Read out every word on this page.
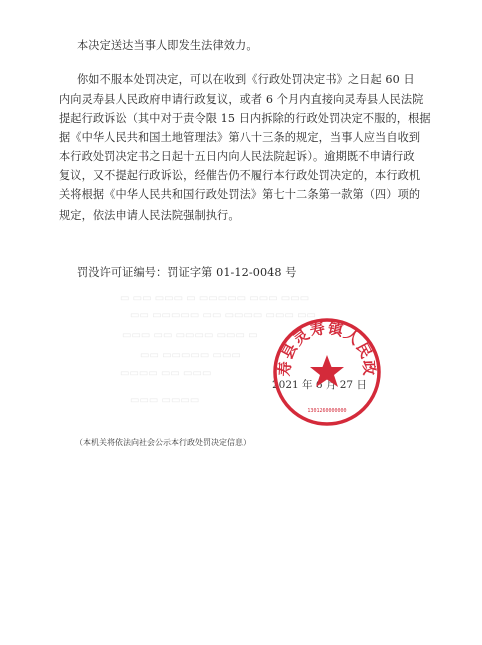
本决定送达当事人即发生法律效力。
你如不服本处罚决定，可以在收到《行政处罚决定书》之日起 60 日
内向灵寿县人民政府申请行政复议，或者 6 个月内直接向灵寿县人民法院
提起行政诉讼（其中对于责令限 15 日内拆除的行政处罚决定不服的，根据
据《中华人民共和国土地管理法》第八十三条的规定，当事人应当自收到
本行政处罚决定书之日起十五日内向人民法院起诉）。逾期既不申请行政
复议，又不提起行政诉讼，经催告仍不履行本行政处罚决定的，本行政机
关将根据《中华人民共和国行政处罚法》第七十二条第一款第（四）项的
规定，依法申请人民法院强制执行。
罚没许可证编号：罚证字第 01-12-0048 号
▭ ▭▭ ▭▭▭ ▭ ▭▭▭▭▭ ▭▭▭ ▭▭▭
▭▭ ▭▭▭▭▭ ▭▭ ▭▭▭▭ ▭▭▭ ▭▭
▭▭▭ ▭▭ ▭▭▭▭ ▭▭▭ ▭
▭▭ ▭▭▭▭▭ ▭▭▭
▭▭▭▭ ▭▭ ▭▭▭
▭▭▭ ▭▭▭▭
2021 年 6 月 27 日
寿县灵寿镇人民政
1301260000000
（本机关将依法向社会公示本行政处罚决定信息）
